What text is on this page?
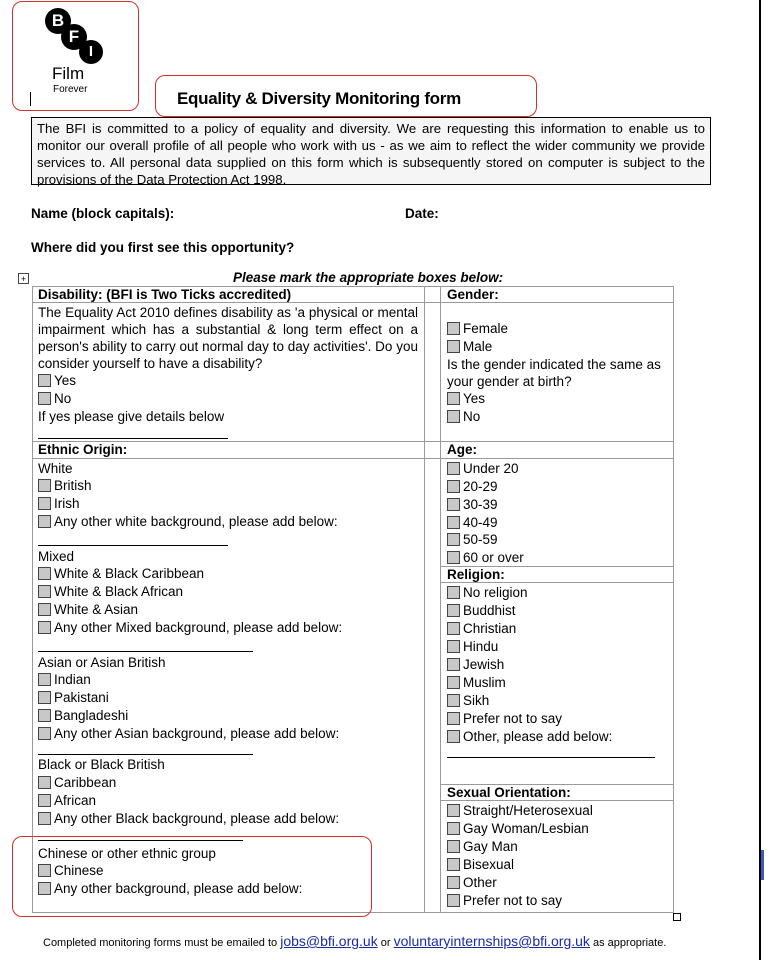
B
F
I
Film
Forever	Equality & Diversity Monitoring form
The BFI is committed to a policy of equality and diversity. We are requesting this information to enable us to monitor our overall profile of all people who work with us - as we aim to reflect the wider community we provide services to. All personal data supplied on this form which is subsequently stored on computer is subject to the provisions of the Data Protection Act 1998.
Name (block capitals):	Date:
Where did you first see this opportunity?
Please mark the appropriate boxes below:
+
Disability: (BFI is Two Ticks accredited)
The Equality Act 2010 defines disability as 'a physical or mental impairment which has a substantial & long term effect on a person's ability to carry out normal day to day activities'. Do you consider yourself to have a disability?
Yes
No
If yes please give details below
Gender:
Female
Male
Is the gender indicated the same as your gender at birth?
Yes
No
Ethnic Origin:
White
British
Irish
Any other white background, please add below:
Mixed
White & Black Caribbean
White & Black African
White & Asian
Any other Mixed background, please add below:
Asian or Asian British
Indian
Pakistani
Bangladeshi
Any other Asian background, please add below:
Black or Black British
Caribbean
African
Any other Black background, please add below:
Chinese or other ethnic group
Chinese
Any other background, please add below:
Age:
Under 20
20-29
30-39
40-49
50-59
60 or over
Religion:
No religion
Buddhist
Christian
Hindu
Jewish
Muslim
Sikh
Prefer not to say
Other, please add below:
Sexual Orientation:
Straight/Heterosexual
Gay Woman/Lesbian
Gay Man
Bisexual
Other
Prefer not to say
Completed monitoring forms must be emailed to jobs@bfi.org.uk or voluntaryinternships@bfi.org.uk as appropriate.
